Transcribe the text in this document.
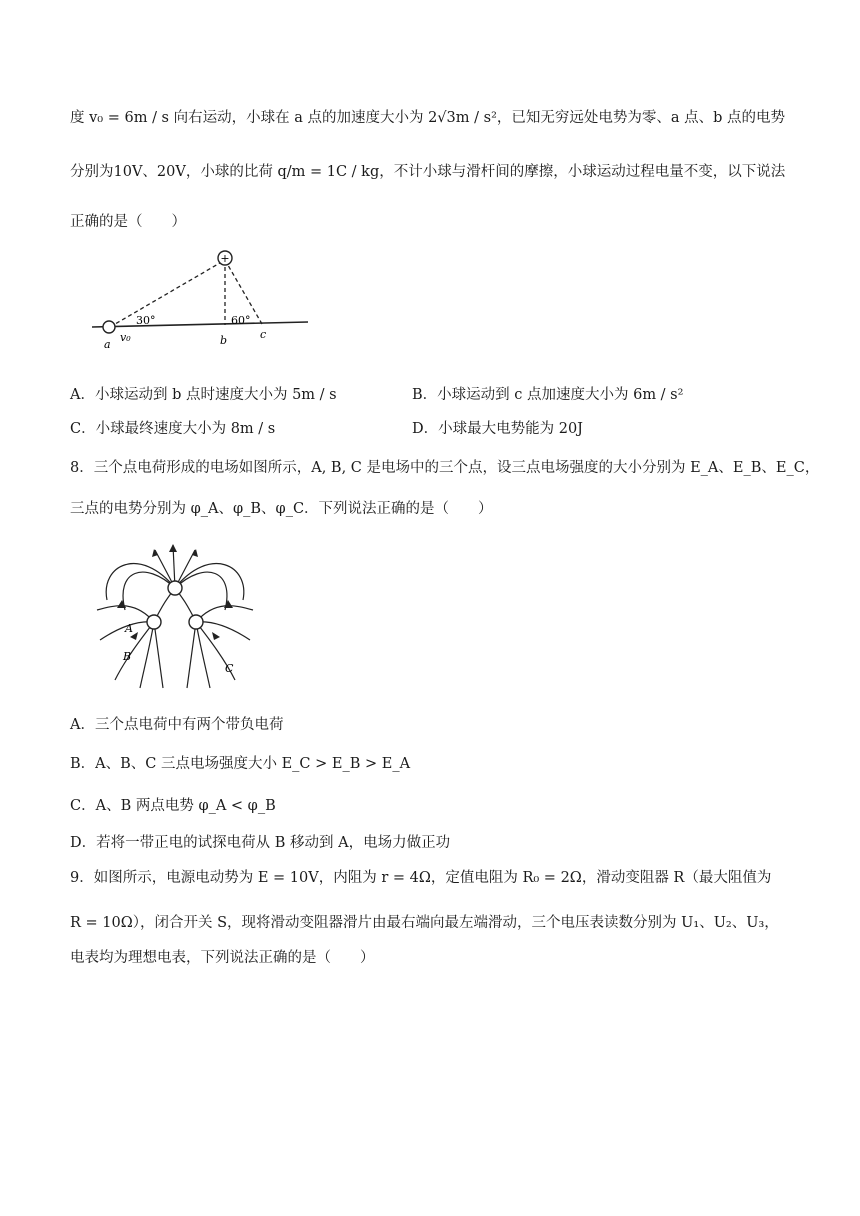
度 v₀ = 6m / s 向右运动，小球在 a 点的加速度大小为 2√3m / s²，已知无穷远处电势为零、a 点、b 点的电势
分别为10V、20V，小球的比荷 q/m = 1C / kg，不计小球与滑杆间的摩擦，小球运动过程电量不变，以下说法
正确的是（　　）
+
a
v₀	b	c
30°	60°
A．小球运动到 b 点时速度大小为 5m / s	B．小球运动到 c 点加速度大小为 6m / s²
C．小球最终速度大小为 8m / s	D．小球最大电势能为 20J
8．三个点电荷形成的电场如图所示，A, B, C 是电场中的三个点，设三点电场强度的大小分别为 E_A、E_B、E_C，
三点的电势分别为 φ_A、φ_B、φ_C．下列说法正确的是（　　）
A
B
C
A．三个点电荷中有两个带负电荷
B．A、B、C 三点电场强度大小 E_C > E_B > E_A
C．A、B 两点电势 φ_A < φ_B
D．若将一带正电的试探电荷从 B 移动到 A，电场力做正功
9．如图所示，电源电动势为 E = 10V，内阻为 r = 4Ω，定值电阻为 R₀ = 2Ω，滑动变阻器 R（最大阻值为
R = 10Ω），闭合开关 S，现将滑动变阻器滑片由最右端向最左端滑动，三个电压表读数分别为 U₁、U₂、U₃，
电表均为理想电表，下列说法正确的是（　　）
